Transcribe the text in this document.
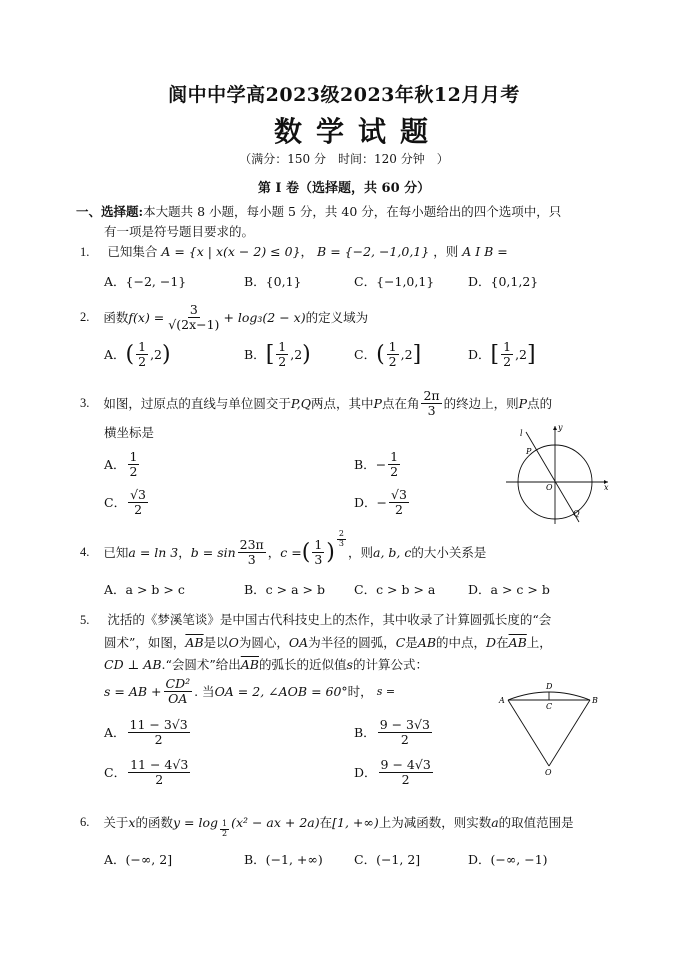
阆中中学高2023级2023年秋12月月考
数学试题
（满分：150 分　时间：120 分钟　）
第 I 卷（选择题，共 60 分）
一、选择题:本大题共 8 小题，每小题 5 分，共 40 分，在每小题给出的四个选项中，只
有一项是符号题目要求的。
1. 已知集合 A = {x | x(x − 2) ≤ 0}， B = {−2, −1,0,1} ，则 A I B =
A．{−2, −1}	B．{0,1}	C．{−1,0,1}	D．{0,1,2}
2. 函数 $f(x) = \frac{3}{√(2x-1)} + \log_3(2 - x)$ 的定义域为
A． ( $\frac{1}{2} ,2$ )	B． [ $\frac{1}{2} ,2$ )	C． ( $\frac{1}{2} ,2$ ]	D． [ $\frac{1}{2} ,2$ ]
3. 如图，过原点的直线与单位圆交于 P,Q 两点，其中 P 点在角 $\frac{2\pi}{3}$ 的终边上，则 P 点的
横坐标是
A． $\frac{1}{2}$	B． − $\frac{1}{2}$
C． $\frac{√3}{2}$	D． − $\frac{√3}{2}$
l
y
x
P
O
Q
4. 已知 a = ln 3 ， $b = \sin \frac{23\pi}{3}$ ， c = ( $\frac{1}{3}$ )
$\frac{2}{3}$
，则 a, b, c 的大小关系是
A．a > b > c	B．c > a > b C．c > b > a	D．a > c > b
5. 沈括的《梦溪笔谈》是中国古代科技史上的杰作，其中收录了计算圆弧长度的“会
圆术”，如图，$\overline{AB}$是以O为圆心，OA为半径的圆弧，C是AB的中点，D在$\overline{AB}$上，
CD ⊥ AB.“会圆术”给出$\overline{AB}$的弧长的近似值s的计算公式：
s = AB + $\frac{\text{CD²}}{OA}$ . 当 OA = 2, ∠AOB = 60° 时， s =
A． $\frac{11 - 3√3}{2}$	B． $\frac{9 - 3√3}{2}$
C． $\frac{11 - 4√3}{2}$	D． $\frac{9 - 4√3}{2}$
A	B
D
C
O
6. 关于 x 的函数 $y = \log \frac{1}{2} (x^2$ − ax + 2a) 在 [1, +∞) 上为减函数，则实数 a 的取值范围是
A．(−∞, 2]	B．(−1, +∞)	C．(−1, 2]	D．(−∞, −1)
